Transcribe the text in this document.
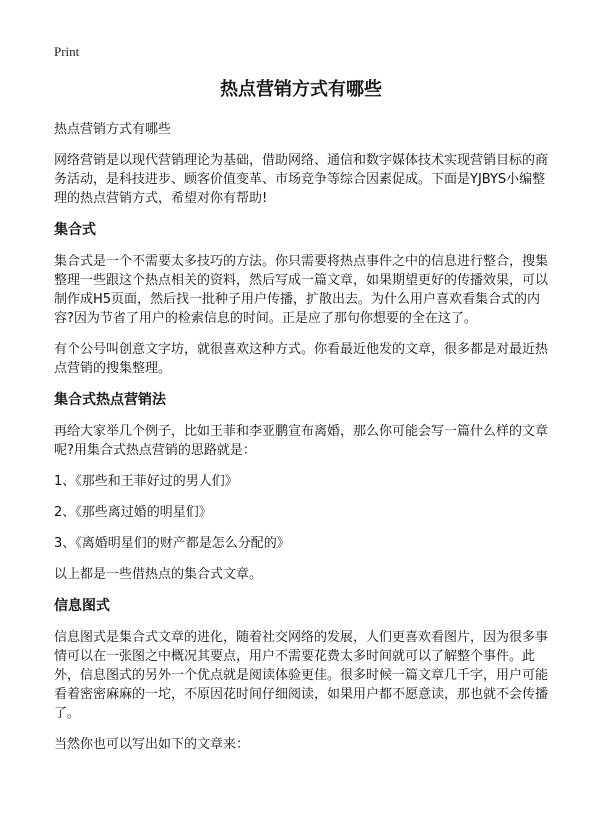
Print
热点营销方式有哪些

热点营销方式有哪些

网络营销是以现代营销理论为基础，借助网络、通信和数字媒体技术实现营销目标的商务活动，是科技进步、顾客价值变革、市场竞争等综合因素促成。下面是YJBYS小编整理的热点营销方式，希望对你有帮助!

集合式

集合式是一个不需要太多技巧的方法。你只需要将热点事件之中的信息进行整合，搜集整理一些跟这个热点相关的资料，然后写成一篇文章，如果期望更好的传播效果，可以制作成H5页面，然后找一批种子用户传播，扩散出去。为什么用户喜欢看集合式的内容?因为节省了用户的检索信息的时间。正是应了那句你想要的全在这了。

有个公号叫创意文字坊，就很喜欢这种方式。你看最近他发的文章，很多都是对最近热点营销的搜集整理。

集合式热点营销法

再给大家举几个例子，比如王菲和李亚鹏宣布离婚，那么你可能会写一篇什么样的文章呢?用集合式热点营销的思路就是：

1、《那些和王菲好过的男人们》

2、《那些离过婚的明星们》

3、《离婚明星们的财产都是怎么分配的》

以上都是一些借热点的集合式文章。

信息图式

信息图式是集合式文章的进化，随着社交网络的发展，人们更喜欢看图片，因为很多事情可以在一张图之中概况其要点，用户不需要花费太多时间就可以了解整个事件。此外，信息图式的另外一个优点就是阅读体验更佳。很多时候一篇文章几千字，用户可能看着密密麻麻的一坨，不原因花时间仔细阅读，如果用户都不愿意读，那也就不会传播了。

当然你也可以写出如下的文章来：
